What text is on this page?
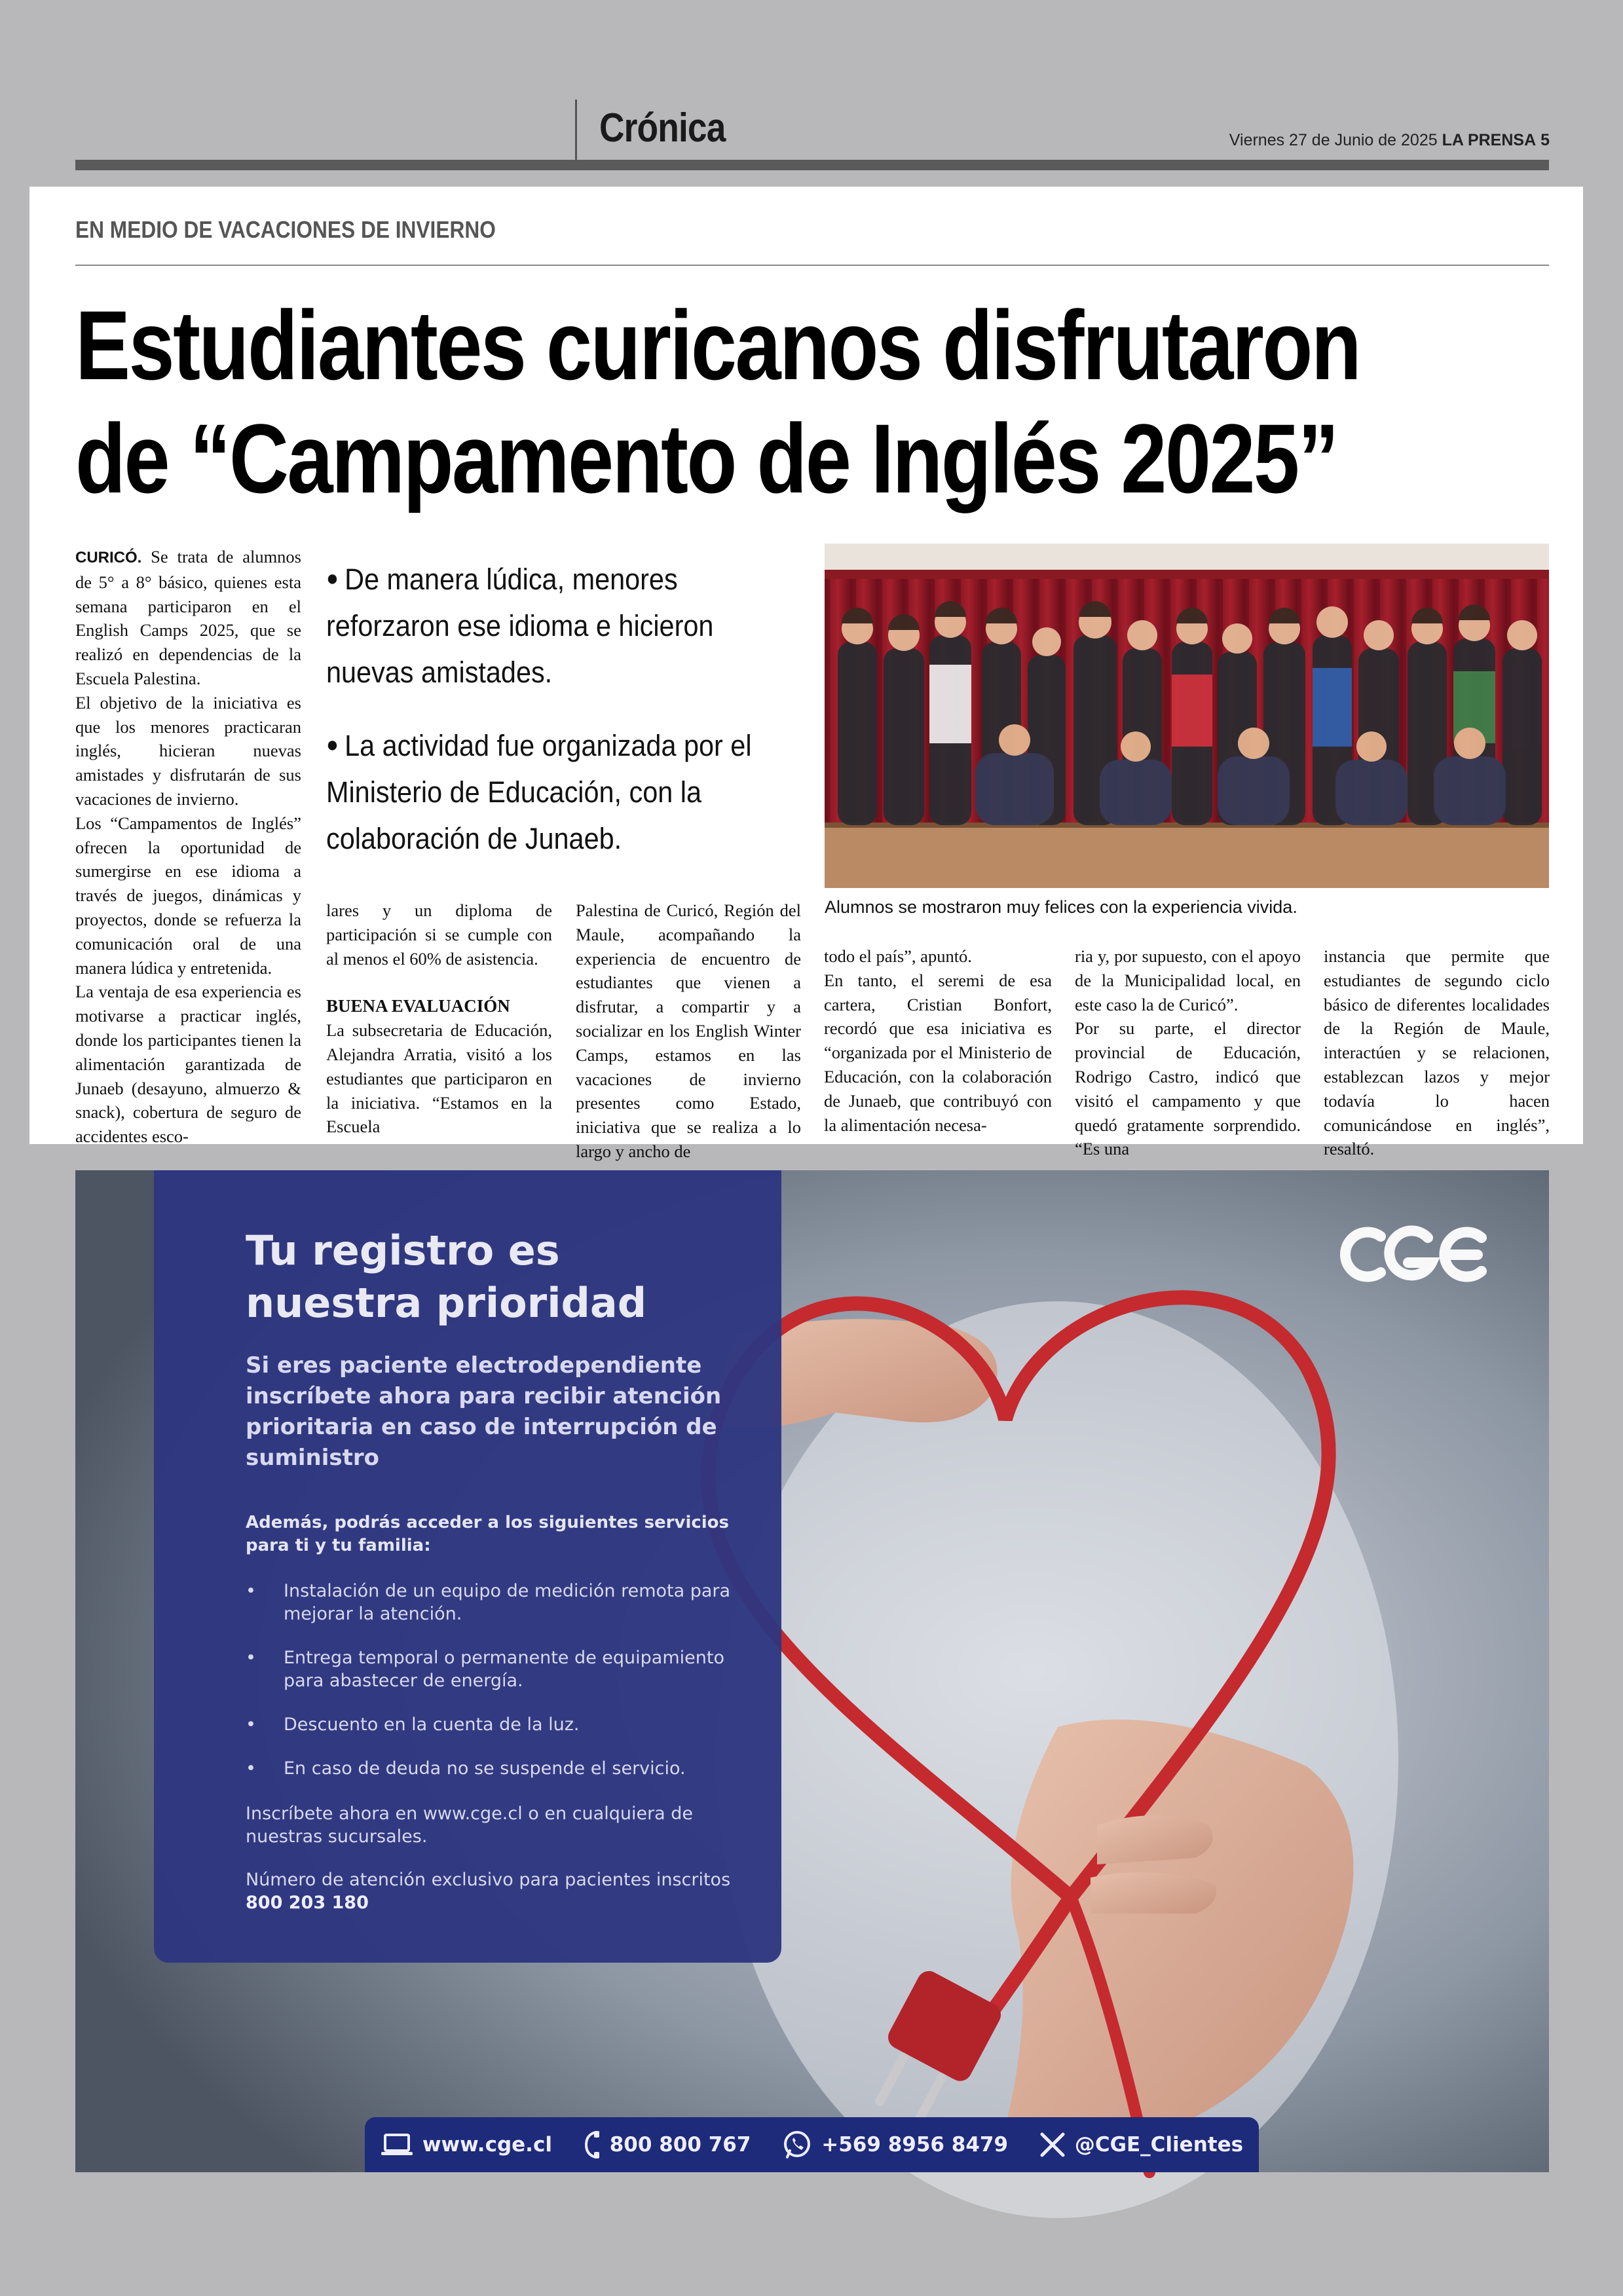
Crónica	Viernes 27 de Junio de 2025 LA PRENSA 5
EN MEDIO DE VACACIONES DE INVIERNO
Estudiantes curicanos disfrutaron
de “Campamento de Inglés 2025”

CURICÓ. Se trata de alumnos de 5° a 8° básico, quienes esta semana participaron en el English Camps 2025, que se realizó en dependencias de la Escuela Palestina.

El objetivo de la iniciativa es que los menores practicaran inglés, hicieran nuevas amistades y disfrutarán de sus vacaciones de invierno.

Los “Campamentos de Inglés” ofrecen la oportunidad de sumergirse en ese idioma a través de juegos, dinámicas y proyectos, donde se refuerza la comunicación oral de una manera lúdica y entretenida.

La ventaja de esa experiencia es motivarse a practicar inglés, donde los participantes tienen la alimentación garantizada de Junaeb (desayuno, almuerzo & snack), cobertura de seguro de accidentes esco-

● De manera lúdica, menores reforzaron ese idioma e hicieron nuevas amistades.
● La actividad fue organizada por el Ministerio de Educación, con la colaboración de Junaeb.

lares y un diploma de participación si se cumple con al menos el 60% de asistencia.

BUENA EVALUACIÓN

La subsecretaria de Educación, Alejandra Arratia, visitó a los estudiantes que participaron en la iniciativa. “Estamos en la Escuela

Palestina de Curicó, Región del Maule, acompañando la experiencia de encuentro de estudiantes que vienen a disfrutar, a compartir y a socializar en los English Winter Camps, estamos en las vacaciones de invierno presentes como Estado, iniciativa que se realiza a lo largo y ancho de

todo el país”, apuntó.

En tanto, el seremi de esa cartera, Cristian Bonfort, recordó que esa iniciativa es “organizada por el Ministerio de Educación, con la colaboración de Junaeb, que contribuyó con la alimentación necesa-

ria y, por supuesto, con el apoyo de la Municipalidad local, en este caso la de Curicó”.

Por su parte, el director provincial de Educación, Rodrigo Castro, indicó que visitó el campamento y que quedó gratamente sorprendido. “Es una

instancia que permite que estudiantes de segundo ciclo básico de diferentes localidades de la Región de Maule, interactúen y se relacionen, establezcan lazos y mejor todavía lo hacen comunicándose en inglés”, resaltó.

Alumnos se mostraron muy felices con la experiencia vivida.
Tu registro es nuestra prioridad
Si eres paciente electrodependiente inscríbete ahora para recibir atención prioritaria en caso de interrupción de suministro
Además, podrás acceder a los siguientes servicios para ti y tu familia:
• Instalación de un equipo de medición remota para mejorar la atención.
• Entrega temporal o permanente de equipamiento para abastecer de energía.
• Descuento en la cuenta de la luz.
• En caso de deuda no se suspende el servicio.
Inscríbete ahora en www.cge.cl o en cualquiera de nuestras sucursales.
Número de atención exclusivo para pacientes inscritos 800 203 180
www.cge.cl	800 800 767	+569 8956 8479	@CGE_Clientes
